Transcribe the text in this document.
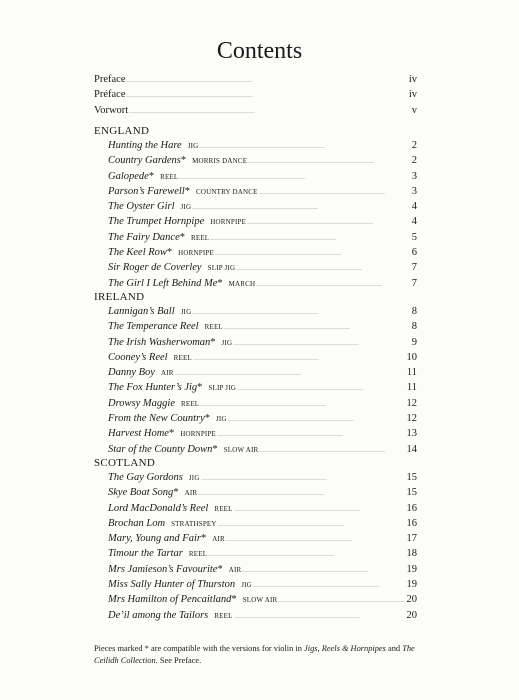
Contents
Preface . . .	iv
Préface . . .	iv
Vorwort . . .	v
ENGLAND
Hunting the Hare JIG . . .	2
Country Gardens * MORRIS DANCE . . .	2
Galopede * REEL . . .	3
Parson’s Farewell * COUNTRY DANCE . . .	3
The Oyster Girl JIG . . .	4
The Trumpet Hornpipe HORNPIPE . . .	4
The Fairy Dance * REEL . . .	5
The Keel Row * HORNPIPE . . .	6
Sir Roger de Coverley SLIP JIG . . .	7
The Girl I Left Behind Me * MARCH . . .	7
IRELAND
Lannigan’s Ball JIG . . .	8
The Temperance Reel REEL . . .	8
The Irish Washerwoman * JIG . . .	9
Cooney’s Reel REEL . . .	10
Danny Boy AIR . . .	11
The Fox Hunter’s Jig * SLIP JIG . . .	11
Drowsy Maggie REEL . . .	12
From the New Country * JIG . . .	12
Harvest Home * HORNPIPE . . .	13
Star of the County Down * SLOW AIR . . .	14
SCOTLAND
The Gay Gordons JIG . . .	15
Skye Boat Song * AIR . . .	15
Lord MacDonald’s Reel REEL . . .	16
Brochan Lom STRATHSPEY . . .	16
Mary, Young and Fair * AIR . . .	17
Timour the Tartar REEL . . .	18
Mrs Jamieson’s Favourite * AIR . . .	19
Miss Sally Hunter of Thurston JIG . . .	19
Mrs Hamilton of Pencaitland * SLOW AIR . . .	20
De’il among the Tailors REEL . . .	20
Pieces marked * are compatible with the versions for violin in Jigs, Reels & Hornpipes and The Ceilidh Collection. See Preface.
